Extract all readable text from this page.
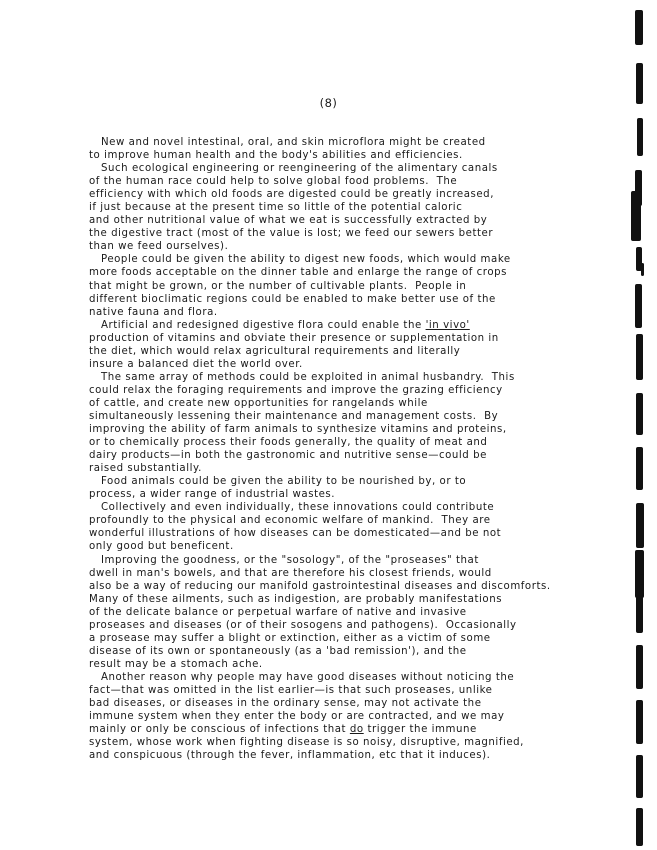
(8)
New and novel intestinal, oral, and skin microflora might be created
to improve human health and the body's abilities and efficiencies.
Such ecological engineering or reengineering of the alimentary canals
of the human race could help to solve global food problems.  The
efficiency with which old foods are digested could be greatly increased,
if just because at the present time so little of the potential caloric
and other nutritional value of what we eat is successfully extracted by
the digestive tract (most of the value is lost; we feed our sewers better
than we feed ourselves).
People could be given the ability to digest new foods, which would make
more foods acceptable on the dinner table and enlarge the range of crops
that might be grown, or the number of cultivable plants.  People in
different bioclimatic regions could be enabled to make better use of the
native fauna and flora.
Artificial and redesigned digestive flora could enable the 'in vivo'
production of vitamins and obviate their presence or supplementation in
the diet, which would relax agricultural requirements and literally
insure a balanced diet the world over.
The same array of methods could be exploited in animal husbandry.  This
could relax the foraging requirements and improve the grazing efficiency
of cattle, and create new opportunities for rangelands while
simultaneously lessening their maintenance and management costs.  By
improving the ability of farm animals to synthesize vitamins and proteins,
or to chemically process their foods generally, the quality of meat and
dairy products—in both the gastronomic and nutritive sense—could be
raised substantially.
Food animals could be given the ability to be nourished by, or to
process, a wider range of industrial wastes.
Collectively and even individually, these innovations could contribute
profoundly to the physical and economic welfare of mankind.  They are
wonderful illustrations of how diseases can be domesticated—and be not
only good but beneficent.
Improving the goodness, or the "sosology", of the "proseases" that
dwell in man's bowels, and that are therefore his closest friends, would
also be a way of reducing our manifold gastrointestinal diseases and discomforts.
Many of these ailments, such as indigestion, are probably manifestations
of the delicate balance or perpetual warfare of native and invasive
proseases and diseases (or of their sosogens and pathogens).  Occasionally
a prosease may suffer a blight or extinction, either as a victim of some
disease of its own or spontaneously (as a 'bad remission'), and the
result may be a stomach ache.
Another reason why people may have good diseases without noticing the
fact—that was omitted in the list earlier—is that such proseases, unlike
bad diseases, or diseases in the ordinary sense, may not activate the
immune system when they enter the body or are contracted, and we may
mainly or only be conscious of infections that do trigger the immune
system, whose work when fighting disease is so noisy, disruptive, magnified,
and conspicuous (through the fever, inflammation, etc that it induces).
